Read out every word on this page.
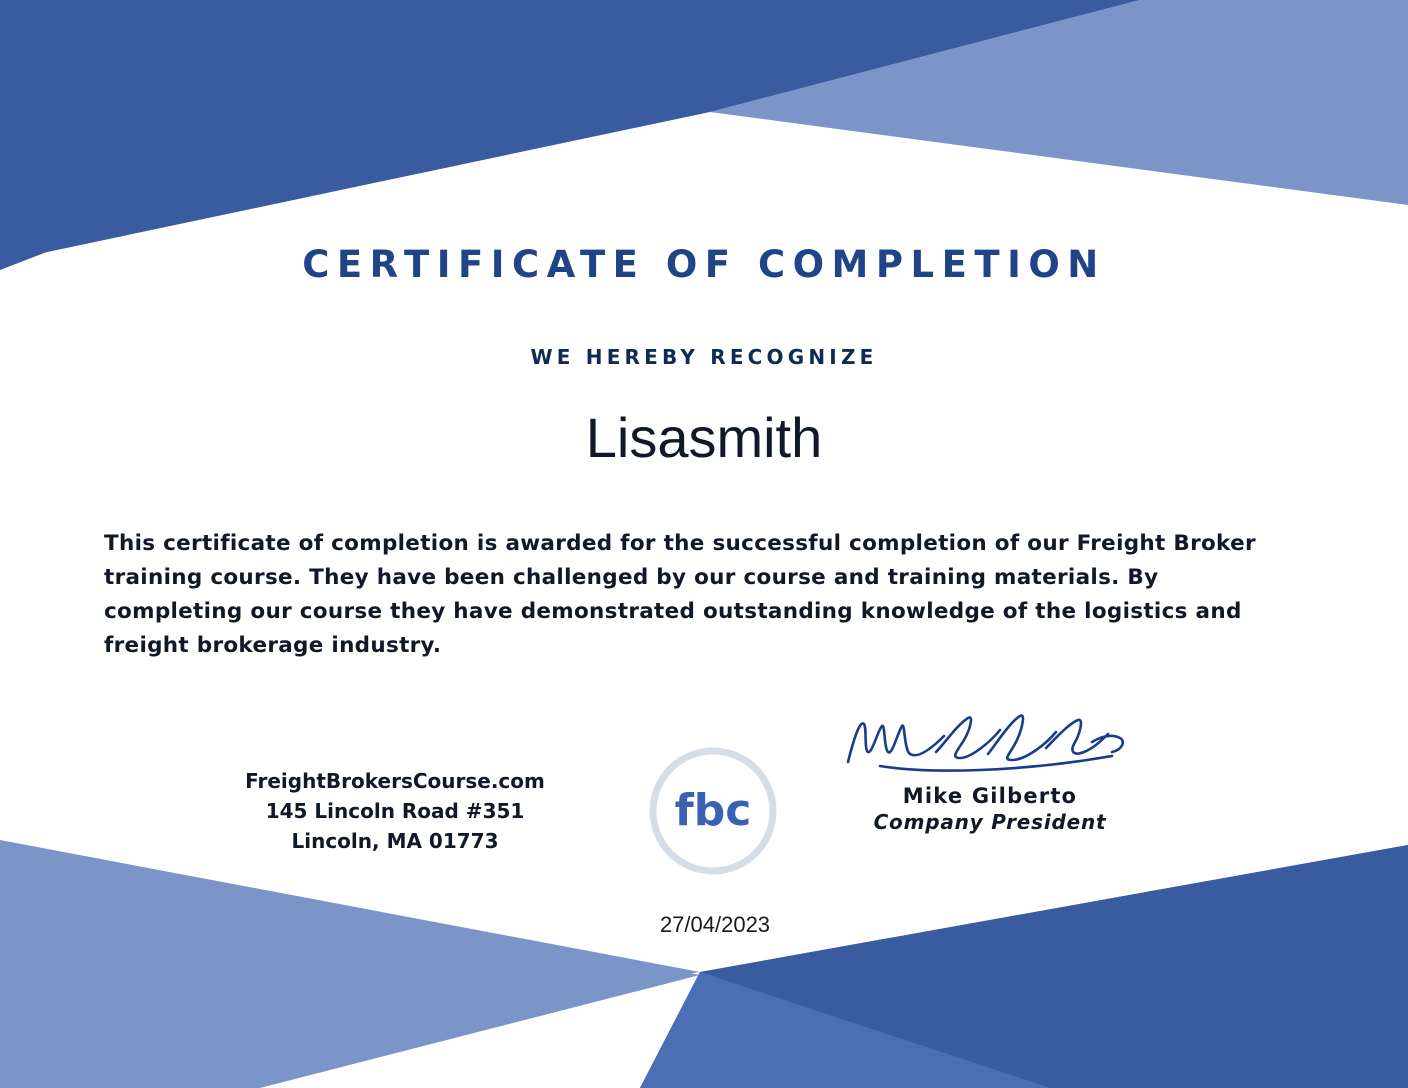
CERTIFICATE OF COMPLETION
WE HEREBY RECOGNIZE
Lisasmith
This certificate of completion is awarded for the successful completion of our Freight Broker training course. They have been challenged by our course and training materials. By completing our course they have demonstrated outstanding knowledge of the logistics and freight brokerage industry.
FreightBrokersCourse.com
145 Lincoln Road #351
Lincoln, MA 01773
fbc	Mike Gilberto
Company President
27/04/2023
